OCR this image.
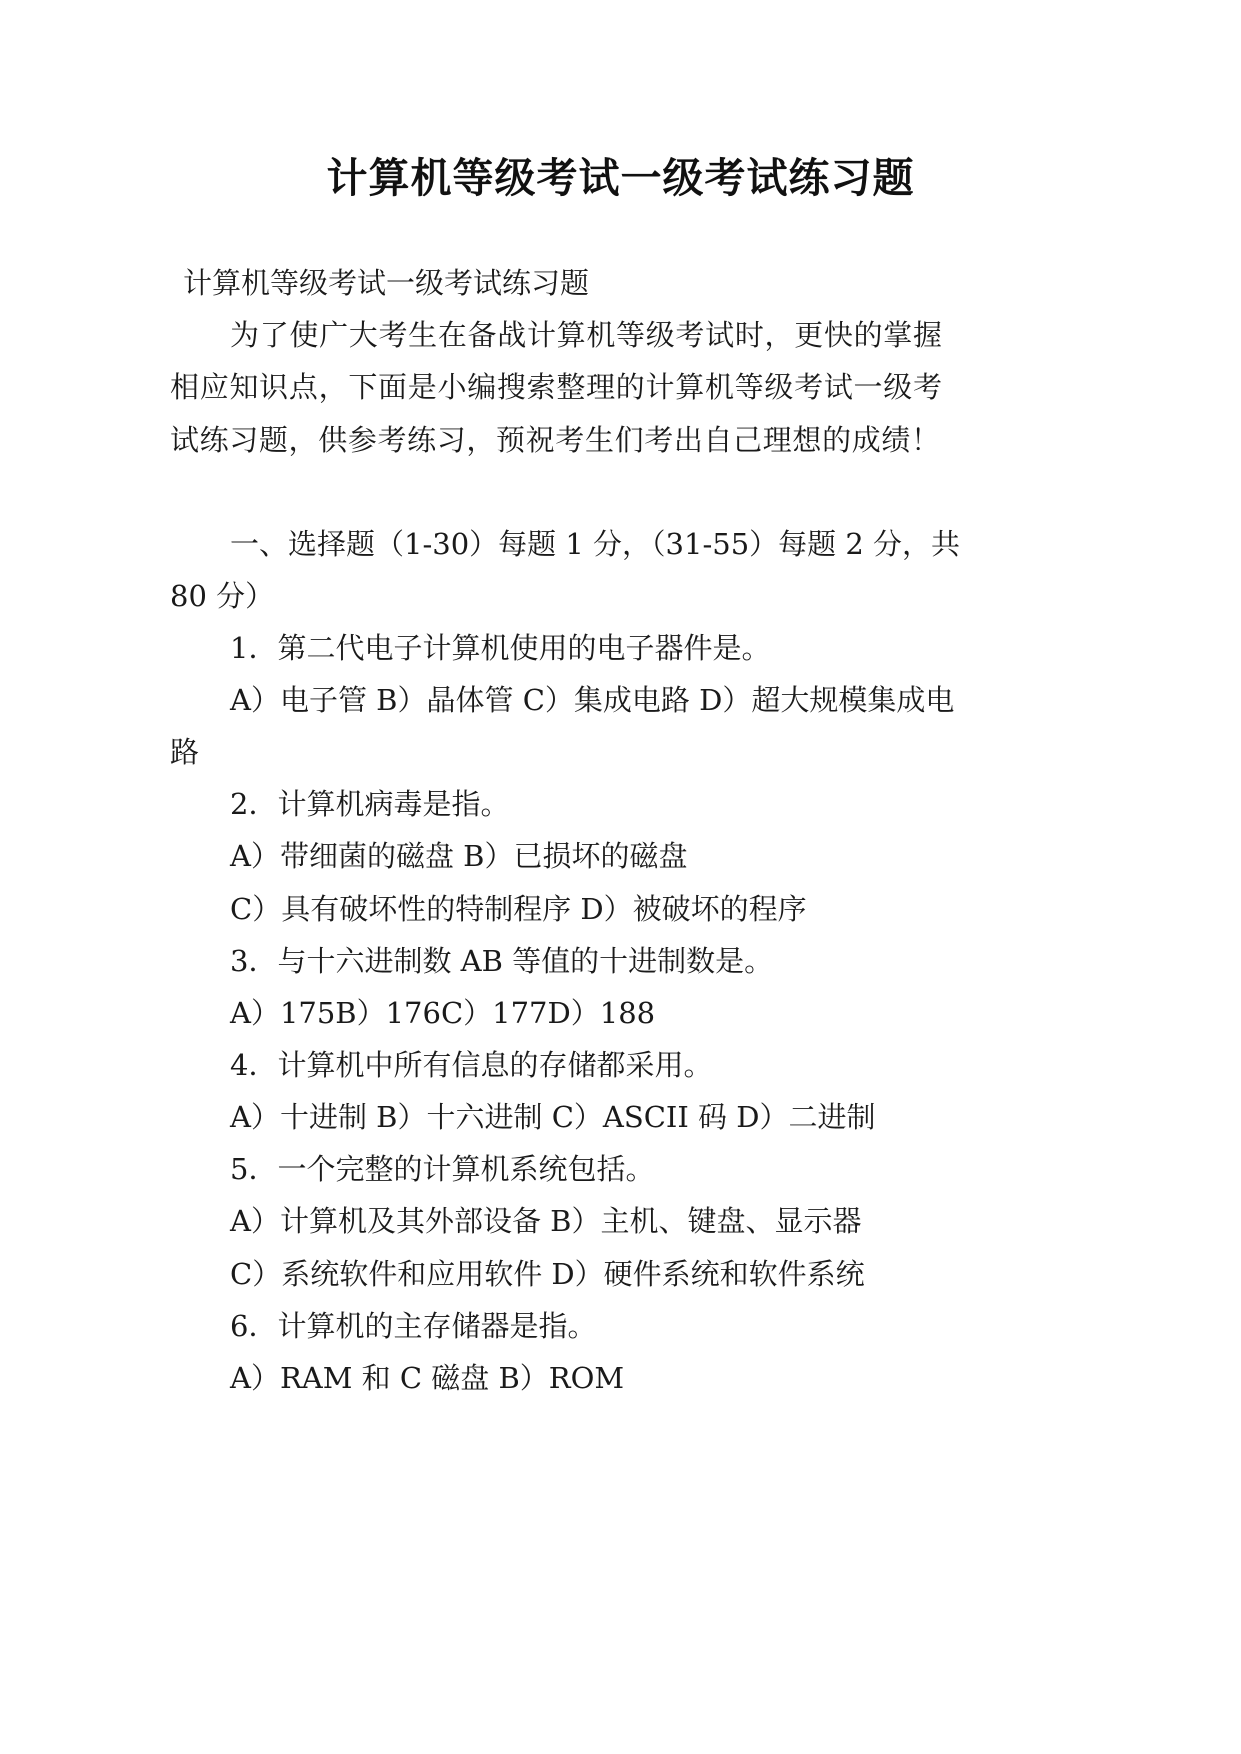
计算机等级考试一级考试练习题
计算机等级考试一级考试练习题
为了使广大考生在备战计算机等级考试时，更快的掌握
相应知识点，下面是小编搜索整理的计算机等级考试一级考
试练习题，供参考练习，预祝考生们考出自己理想的成绩！
一、选择题（1-30）每题 1 分，（31-55）每题 2 分，共
80 分）
1．第二代电子计算机使用的电子器件是。
A）电子管 B）晶体管 C）集成电路 D）超大规模集成电
路
2．计算机病毒是指。
A）带细菌的磁盘 B）已损坏的磁盘
C）具有破坏性的特制程序 D）被破坏的程序
3．与十六进制数 AB 等值的十进制数是。
A）175B）176C）177D）188
4．计算机中所有信息的存储都采用。
A）十进制 B）十六进制 C）ASCII 码 D）二进制
5．一个完整的计算机系统包括。
A）计算机及其外部设备 B）主机、键盘、显示器
C）系统软件和应用软件 D）硬件系统和软件系统
6．计算机的主存储器是指。
A）RAM 和 C 磁盘 B）ROM
